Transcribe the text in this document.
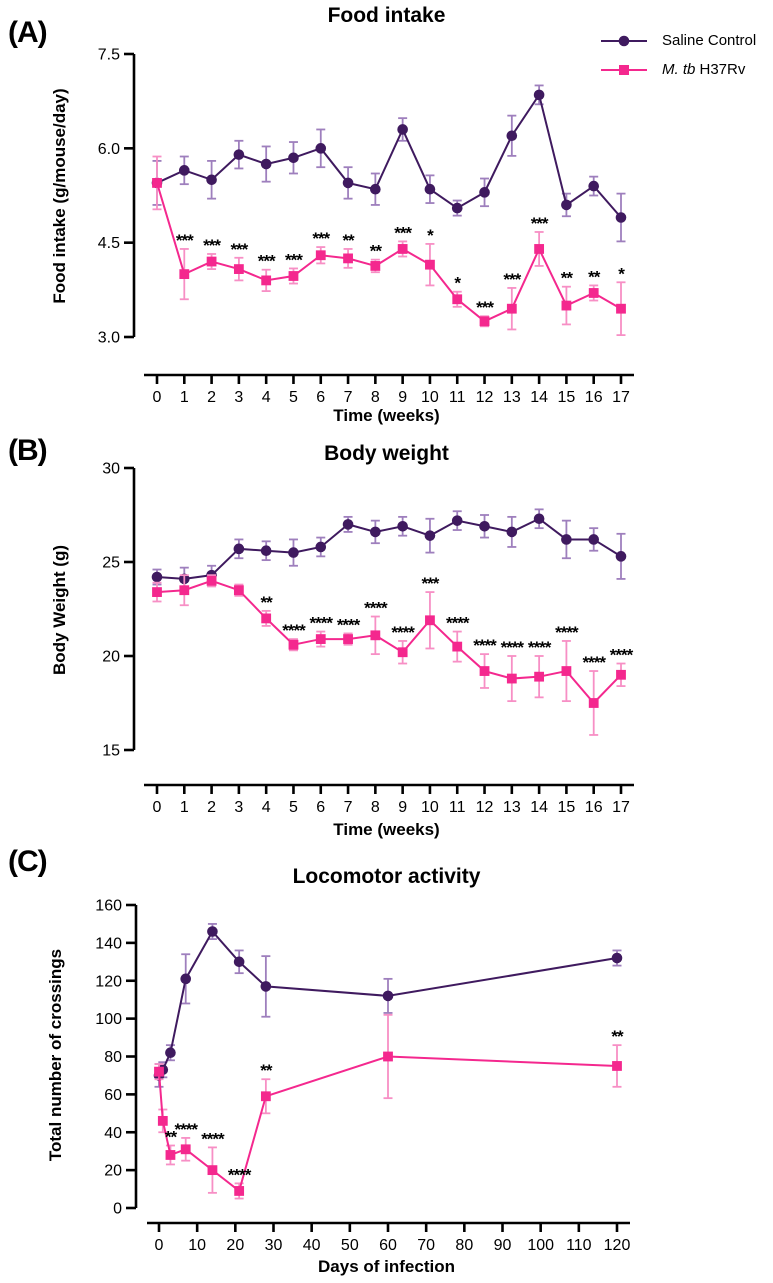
(A)
Food intake
Saline Control
M. tb H37Rv
Food intake (g/mouse/day)
Time (weeks)
3.0
4.5
6.0
7.5
0 1 2 3 4 5 6 7 8 9 10 11 12 13 14 15 16 17
*** *** ***
*** ***
*** **
**
*** *
*
***
***
***
** ** *
(B)	Body weight
Body Weight (g)
Time (weeks)
15
20
25
30
0 1 2 3 4 5 6 7 8 9 10 11 12 13 14 15 16 17
**
**** **** ****
****
****
***
****
**** **** ****
****
**** ****
(C)	Locomotor activity
Total number of crossings
Days of infection
0
20
40
60
80
100
120
140
160
0 10 20 30 40 50 60 70 80 90 100 110 120
**
**** ****
****
**
**
